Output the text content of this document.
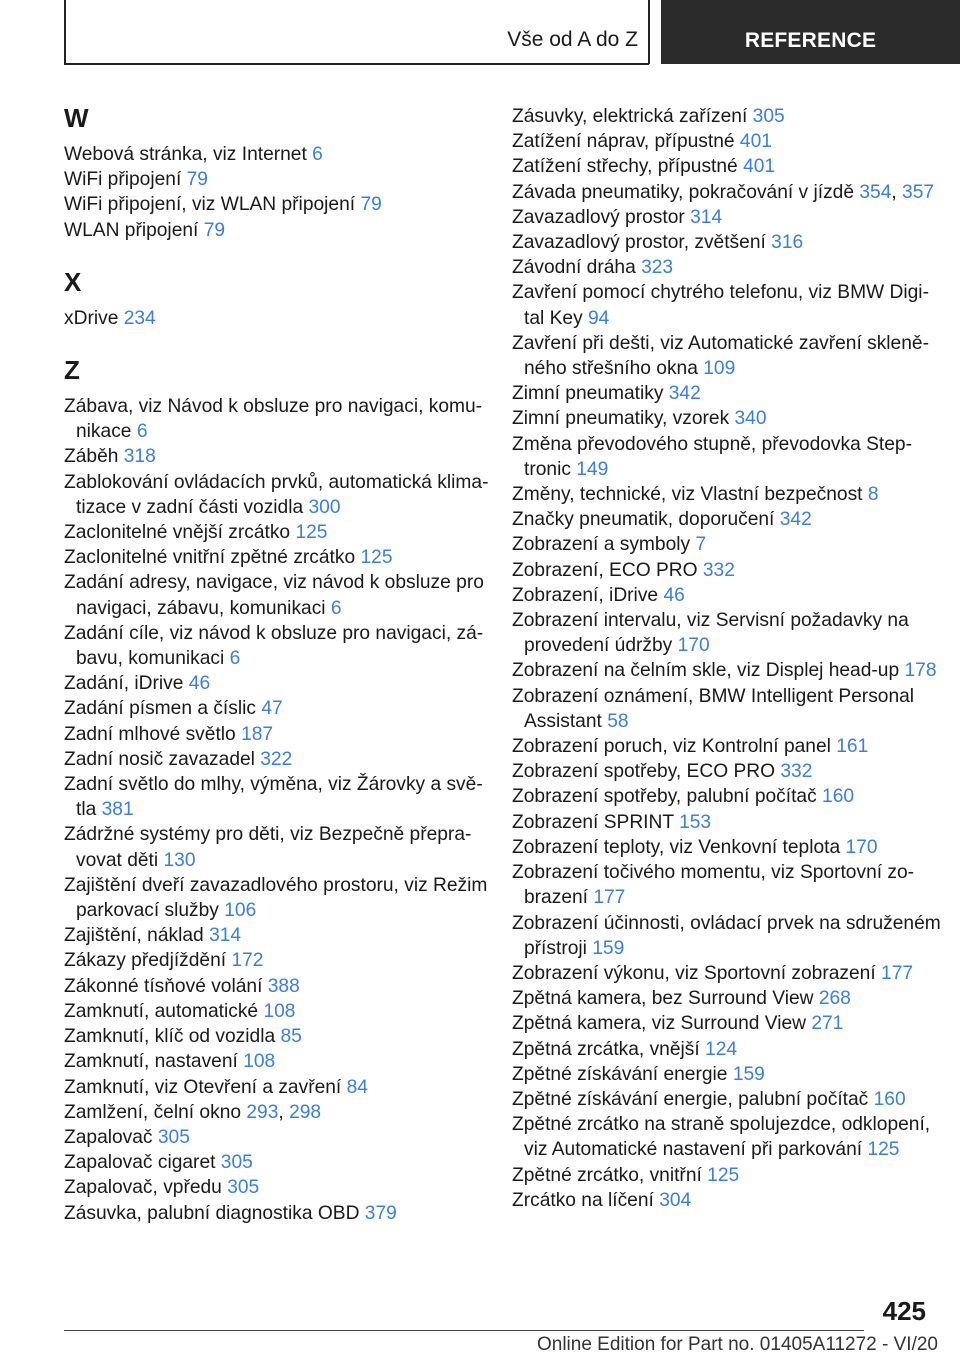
Vše od A do Z	REFERENCE
W
Webová stránka, viz Internet 6
WiFi připojení 79
WiFi připojení, viz WLAN připojení 79
WLAN připojení 79
X
xDrive 234
Z
Zábava, viz Návod k obsluze pro navigaci, komunikace 6
Záběh 318
Zablokování ovládacích prvků, automatická klimatizace v zadní části vozidla 300
Zaclonitelné vnější zrcátko 125
Zaclonitelné vnitřní zpětné zrcátko 125
Zadání adresy, navigace, viz návod k obsluze pro navigaci, zábavu, komunikaci 6
Zadání cíle, viz návod k obsluze pro navigaci, zábavu, komunikaci 6
Zadání, iDrive 46
Zadání písmen a číslic 47
Zadní mlhové světlo 187
Zadní nosič zavazadel 322
Zadní světlo do mlhy, výměna, viz Žárovky a světla 381
Zádržné systémy pro děti, viz Bezpečně přepravovat děti 130
Zajištění dveří zavazadlového prostoru, viz Režim parkovací služby 106
Zajištění, náklad 314
Zákazy předjíždění 172
Zákonné tísňové volání 388
Zamknutí, automatické 108
Zamknutí, klíč od vozidla 85
Zamknutí, nastavení 108
Zamknutí, viz Otevření a zavření 84
Zamlžení, čelní okno 293, 298
Zapalovač 305
Zapalovač cigaret 305
Zapalovač, vpředu 305
Zásuvka, palubní diagnostika OBD 379
Zásuvky, elektrická zařízení 305
Zatížení náprav, přípustné 401
Zatížení střechy, přípustné 401
Závada pneumatiky, pokračování v jízdě 354, 357
Zavazadlový prostor 314
Zavazadlový prostor, zvětšení 316
Závodní dráha 323
Zavření pomocí chytrého telefonu, viz BMW Digital Key 94
Zavření při dešti, viz Automatické zavření skleněného střešního okna 109
Zimní pneumatiky 342
Zimní pneumatiky, vzorek 340
Změna převodového stupně, převodovka Steptronic 149
Změny, technické, viz Vlastní bezpečnost 8
Značky pneumatik, doporučení 342
Zobrazení a symboly 7
Zobrazení, ECO PRO 332
Zobrazení, iDrive 46
Zobrazení intervalu, viz Servisní požadavky na provedení údržby 170
Zobrazení na čelním skle, viz Displej head-up 178
Zobrazení oznámení, BMW Intelligent Personal Assistant 58
Zobrazení poruch, viz Kontrolní panel 161
Zobrazení spotřeby, ECO PRO 332
Zobrazení spotřeby, palubní počítač 160
Zobrazení SPRINT 153
Zobrazení teploty, viz Venkovní teplota 170
Zobrazení točivého momentu, viz Sportovní zobrazení 177
Zobrazení účinnosti, ovládací prvek na sdruženém přístroji 159
Zobrazení výkonu, viz Sportovní zobrazení 177
Zpětná kamera, bez Surround View 268
Zpětná kamera, viz Surround View 271
Zpětná zrcátka, vnější 124
Zpětné získávání energie 159
Zpětné získávání energie, palubní počítač 160
Zpětné zrcátko na straně spolujezdce, odklopení, viz Automatické nastavení při parkování 125
Zpětné zrcátko, vnitřní 125
Zrcátko na líčení 304
425
Online Edition for Part no. 01405A11272 - VI/20
